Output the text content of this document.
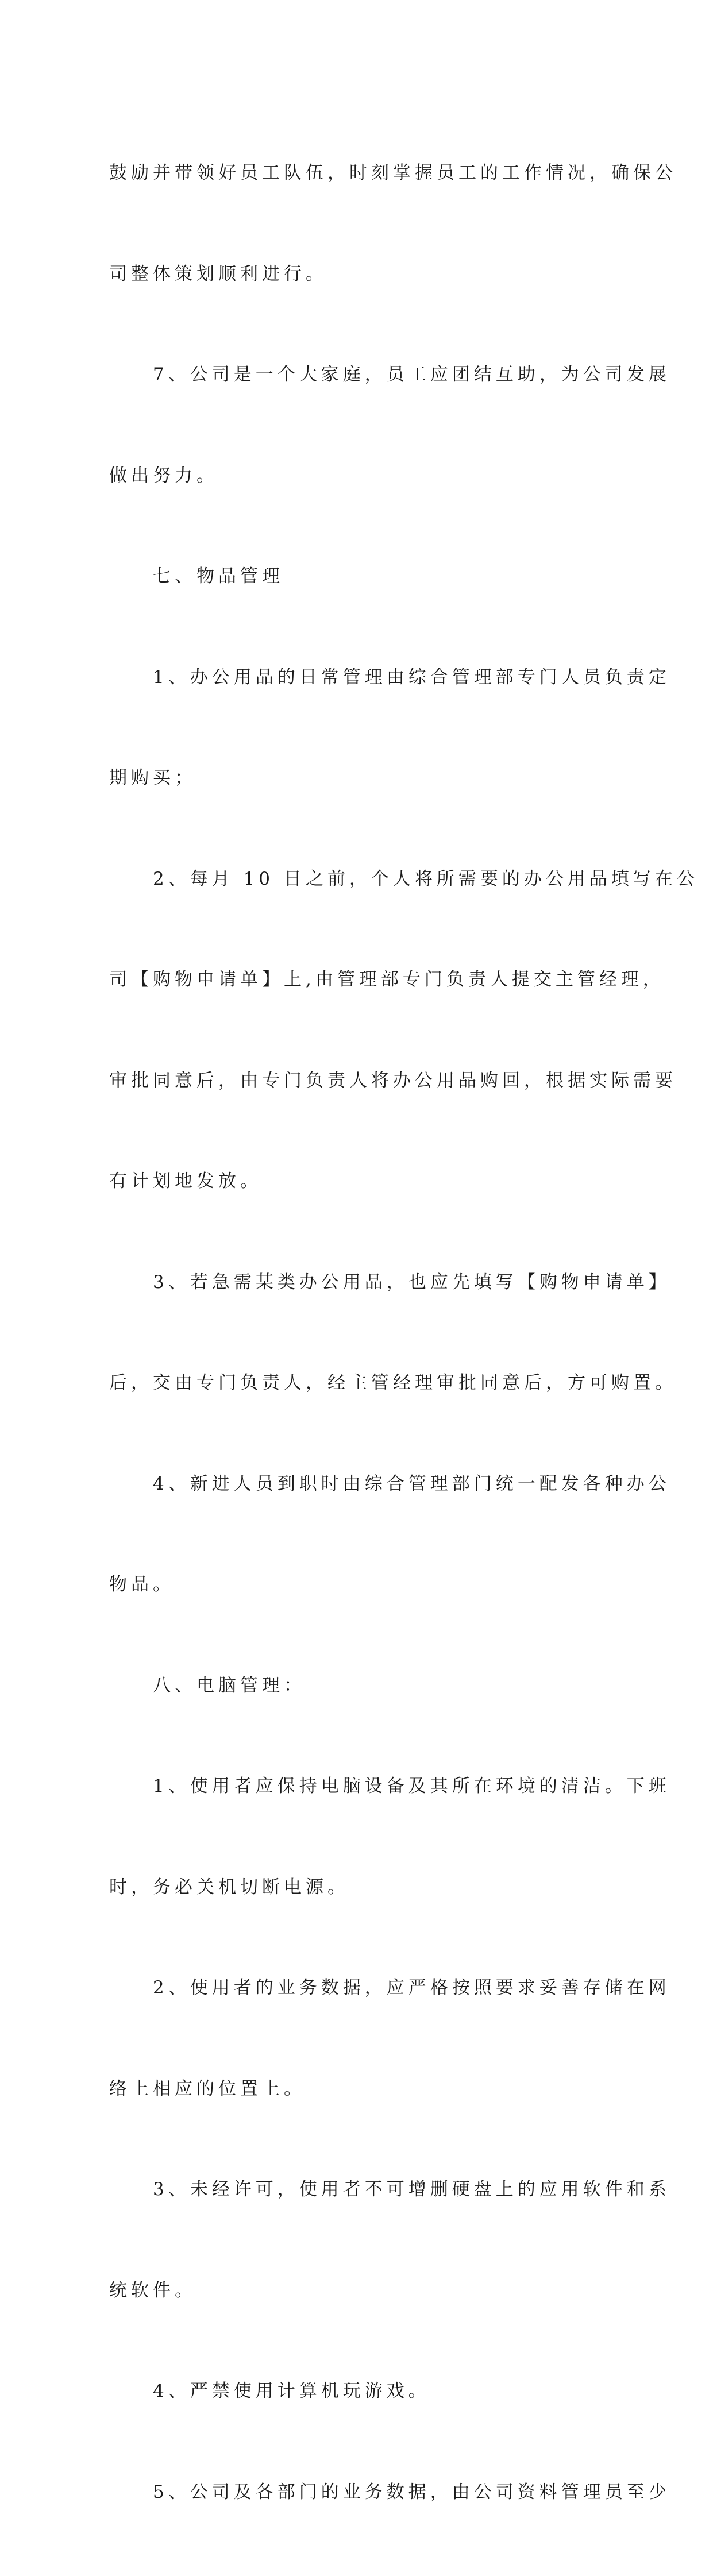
鼓励并带领好员工队伍，时刻掌握员工的工作情况，确保公

司整体策划顺利进行。

　　7、公司是一个大家庭，员工应团结互助，为公司发展

做出努力。

　　七、物品管理

　　1、办公用品的日常管理由综合管理部专门人员负责定

期购买；

　　2、每月 10 日之前，个人将所需要的办公用品填写在公

司【购物申请单】上,由管理部专门负责人提交主管经理，

审批同意后，由专门负责人将办公用品购回，根据实际需要

有计划地发放。

　　3、若急需某类办公用品，也应先填写【购物申请单】

后，交由专门负责人，经主管经理审批同意后，方可购置。

　　4、新进人员到职时由综合管理部门统一配发各种办公

物品。

　　八、电脑管理：

　　1、使用者应保持电脑设备及其所在环境的清洁。下班

时，务必关机切断电源。

　　2、使用者的业务数据，应严格按照要求妥善存储在网

络上相应的位置上。

　　3、未经许可，使用者不可增删硬盘上的应用软件和系

统软件。

　　4、严禁使用计算机玩游戏。

　　5、公司及各部门的业务数据，由公司资料管理员至少
